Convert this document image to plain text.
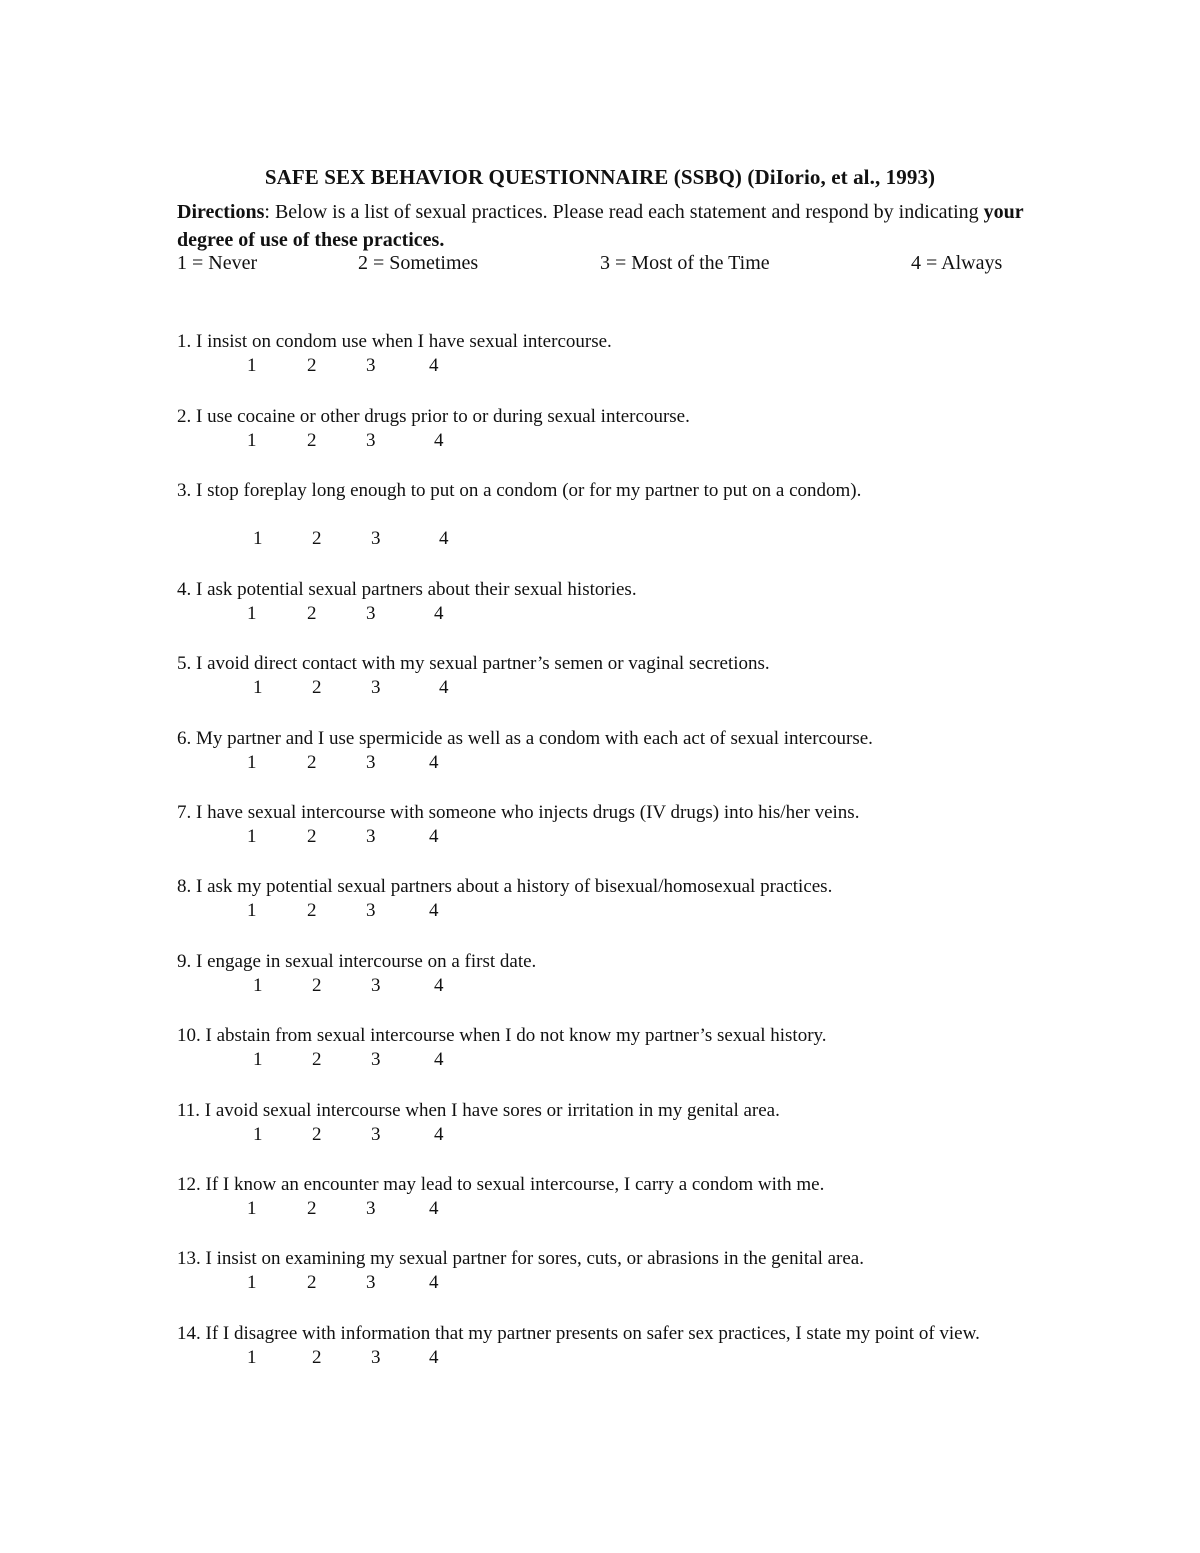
SAFE SEX BEHAVIOR QUESTIONNAIRE (SSBQ) (DiIorio, et al., 1993)
Directions: Below is a list of sexual practices. Please read each statement and respond by indicating your degree of use of these practices.
1 = Never	2 = Sometimes	3 = Most of the Time	4 = Always
1. I insist on condom use when I have sexual intercourse.
1	2	3	4
2. I use cocaine or other drugs prior to or during sexual intercourse.
1	2	3	4
3. I stop foreplay long enough to put on a condom (or for my partner to put on a condom).
1	2	3	4
4. I ask potential sexual partners about their sexual histories.
1	2	3	4
5. I avoid direct contact with my sexual partner’s semen or vaginal secretions.
1	2	3	4
6. My partner and I use spermicide as well as a condom with each act of sexual intercourse.
1	2	3	4
7. I have sexual intercourse with someone who injects drugs (IV drugs) into his/her veins.
1	2	3	4
8. I ask my potential sexual partners about a history of bisexual/homosexual practices.
1	2	3	4
9. I engage in sexual intercourse on a first date.
1	2	3	4
10. I abstain from sexual intercourse when I do not know my partner’s sexual history.
1	2	3	4
11. I avoid sexual intercourse when I have sores or irritation in my genital area.
1	2	3	4
12. If I know an encounter may lead to sexual intercourse, I carry a condom with me.
1	2	3	4
13. I insist on examining my sexual partner for sores, cuts, or abrasions in the genital area.
1	2	3	4
14. If I disagree with information that my partner presents on safer sex practices, I state my point of view.
1	2	3	4
